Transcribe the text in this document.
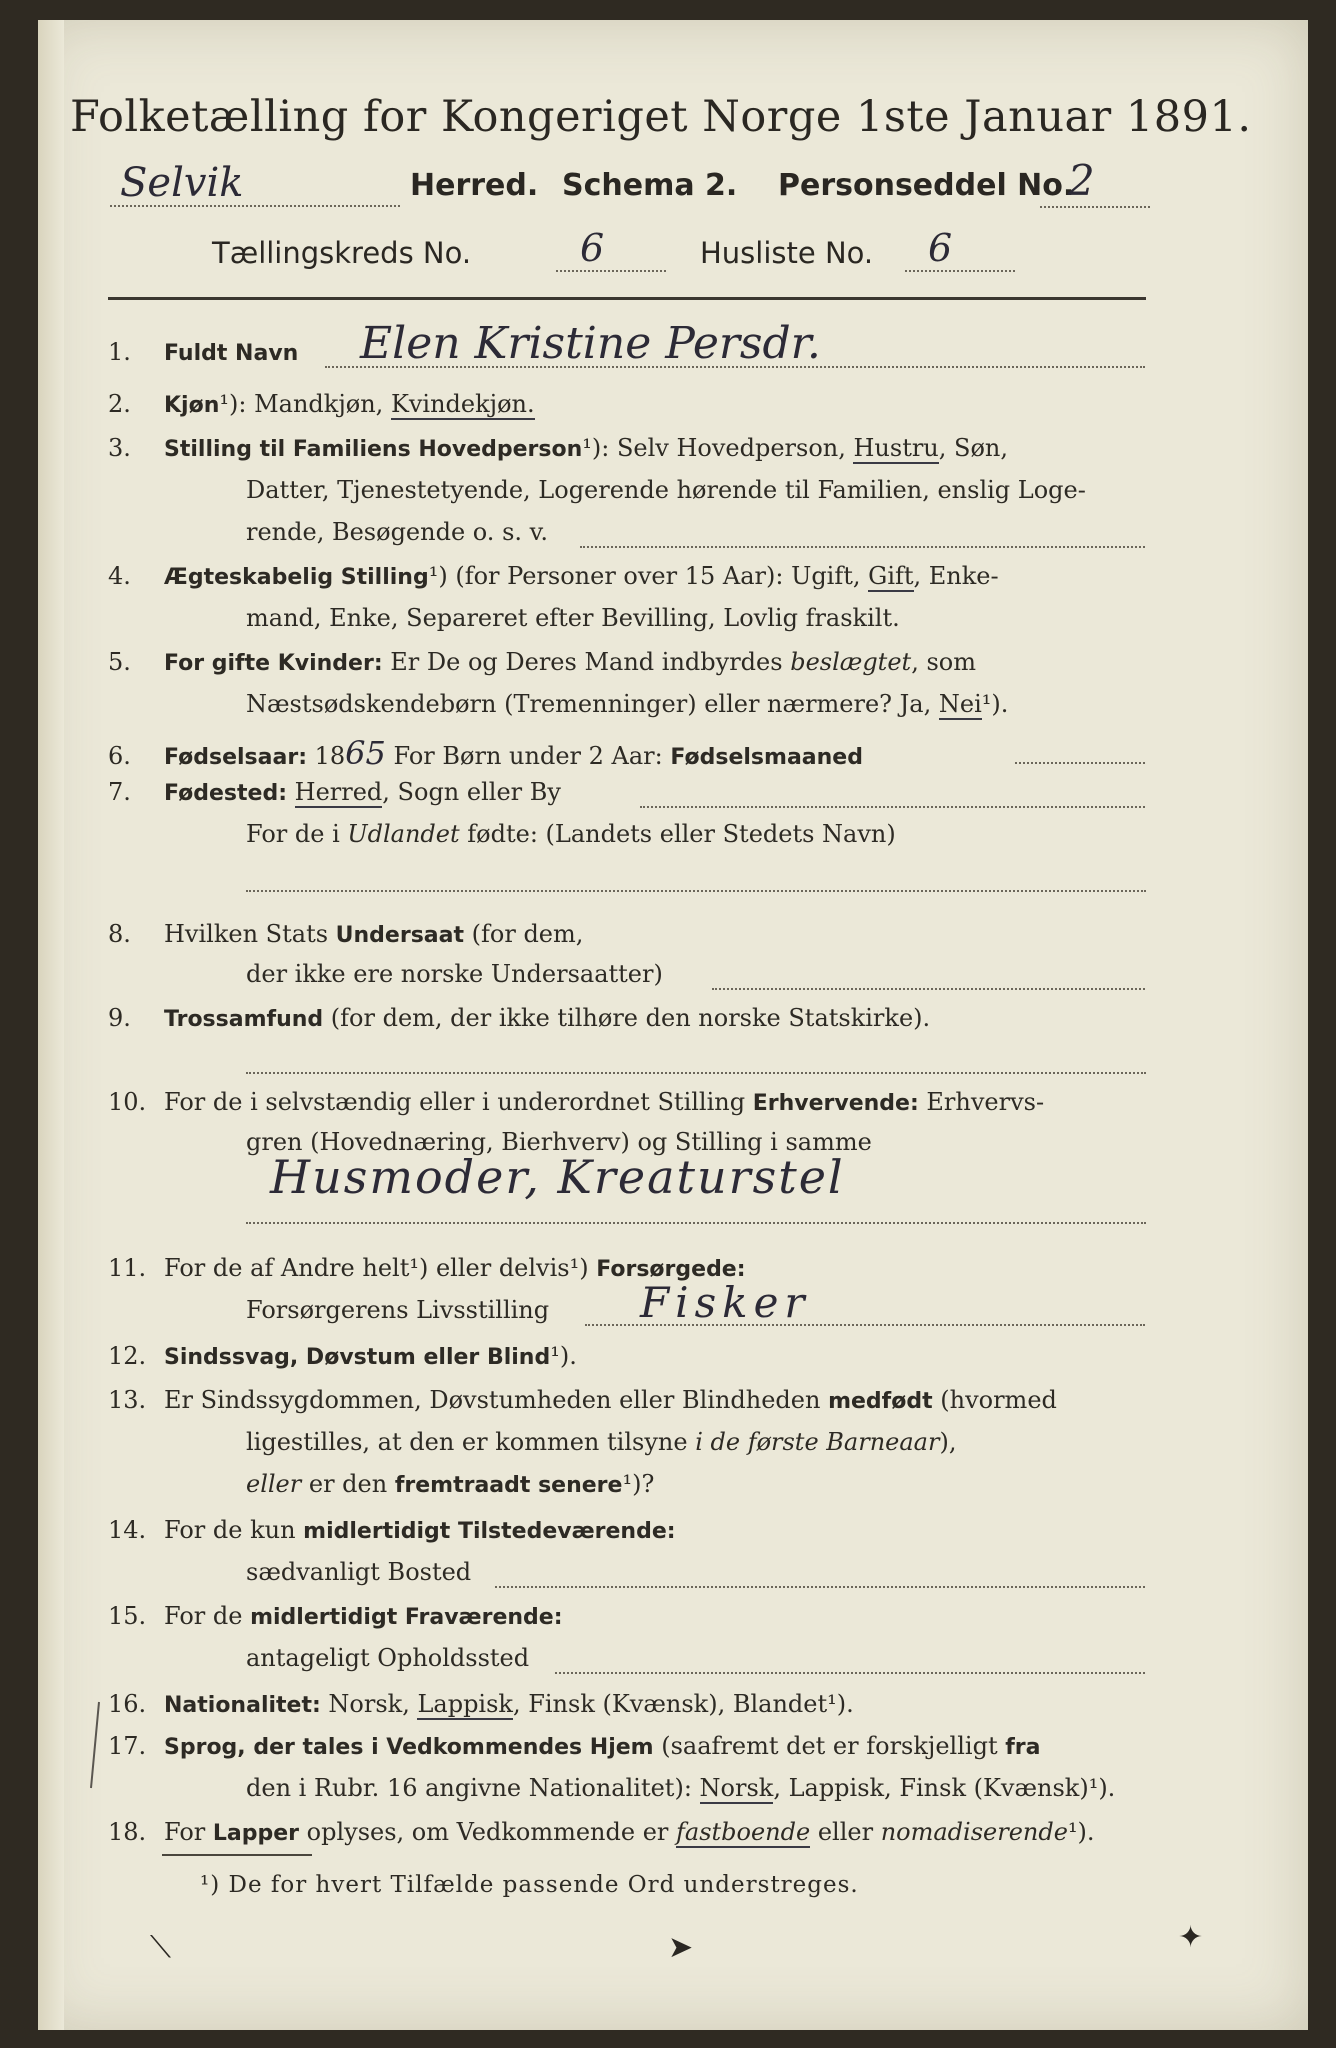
Folketælling for Kongeriget Norge 1ste Januar 1891.
Selvik	Herred. Schema 2. Personseddel No.
2
Tællingskreds No.	6	Husliste No. 6
1. Fuldt Navn Elen Kristine Persdr.
2. Kjøn¹): Mandkjøn, Kvindekjøn.
3. Stilling til Familiens Hovedperson¹): Selv Hovedperson, Hustru, Søn,
Datter, Tjenestetyende, Logerende hørende til Familien, enslig Loge-
rende, Besøgende o. s. v.
4. Ægteskabelig Stilling¹) (for Personer over 15 Aar): Ugift, Gift, Enke-
mand, Enke, Separeret efter Bevilling, Lovlig fraskilt.
5. For gifte Kvinder: Er De og Deres Mand indbyrdes beslægtet, som
Næstsødskendebørn (Tremenninger) eller nærmere? Ja, Nei¹).
6. Fødselsaar: 1865 For Børn under 2 Aar: Fødselsmaaned
7. Fødested: Herred, Sogn eller By
For de i Udlandet fødte: (Landets eller Stedets Navn)
8. Hvilken Stats Undersaat (for dem,
der ikke ere norske Undersaatter)
9. Trossamfund (for dem, der ikke tilhøre den norske Statskirke).
10. For de i selvstændig eller i underordnet Stilling Erhvervende: Erhvervs-
gren (Hovednæring, Bierhverv) og Stilling i samme
Husmoder, Kreaturstel
11. For de af Andre helt¹) eller delvis¹) Forsørgede:
Forsørgerens Livsstilling Fisker
12. Sindssvag, Døvstum eller Blind¹).
13. Er Sindssygdommen, Døvstumheden eller Blindheden medfødt (hvormed
ligestilles, at den er kommen tilsyne i de første Barneaar),
eller er den fremtraadt senere¹)?
14. For de kun midlertidigt Tilstedeværende:
sædvanligt Bosted
15. For de midlertidigt Fraværende:
antageligt Opholdssted
16. Nationalitet: Norsk, Lappisk, Finsk (Kvænsk), Blandet¹).
17. Sprog, der tales i Vedkommendes Hjem (saafremt det er forskjelligt fra
den i Rubr. 16 angivne Nationalitet): Norsk, Lappisk, Finsk (Kvænsk)¹).
18. For Lapper oplyses, om Vedkommende er fastboende eller nomadiserende¹).
¹) De for hvert Tilfælde passende Ord understreges.
⟍	➤	✦
